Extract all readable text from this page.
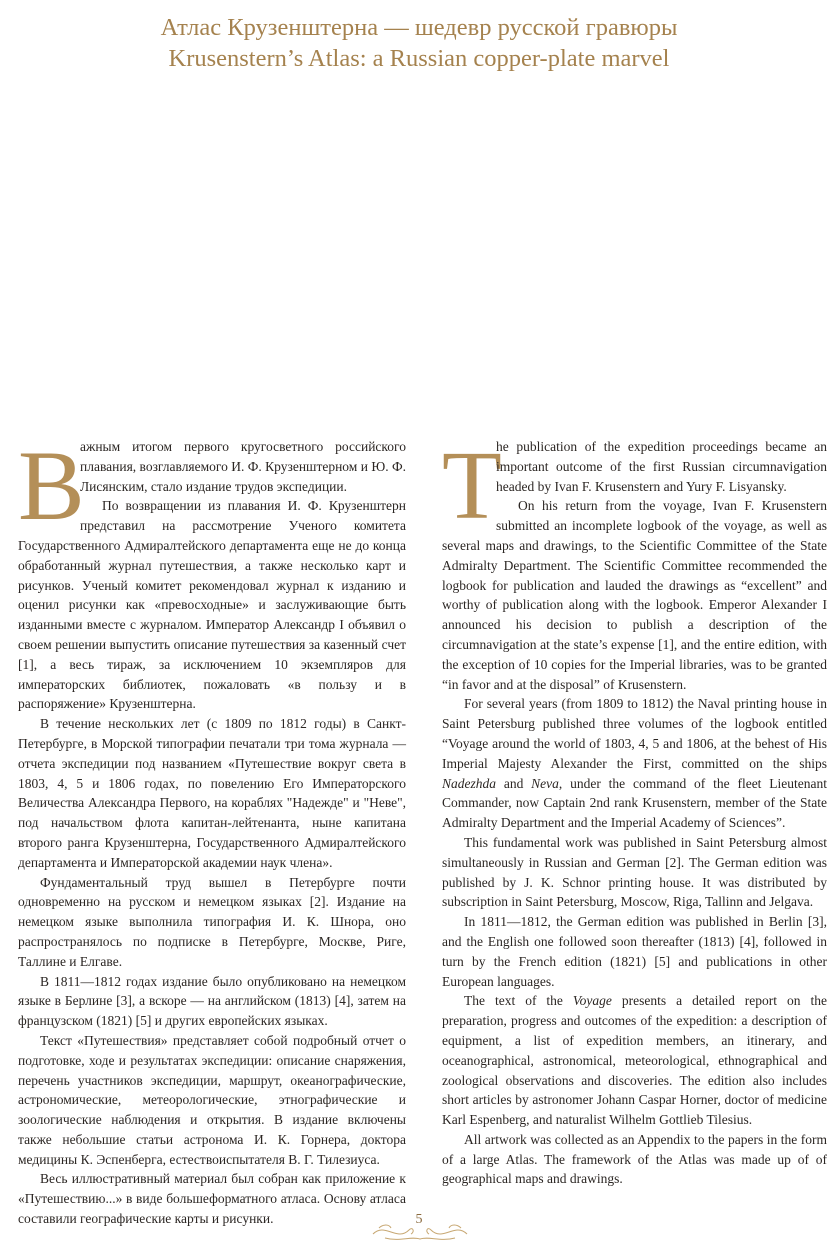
Атлас Крузенштерна — шедевр русской гравюры
Krusenstern’s Atlas: a Russian copper-plate marvel
В

ажным итогом первого кругосветного российского плавания, возглавляемого И. Ф. Крузенштерном и Ю. Ф. Лисянским, стало издание трудов экспедиции.

По возвращении из плавания И. Ф. Крузенштерн представил на рассмотрение Ученого комитета Государственного Адмиралтейского департамента еще не до конца обработанный журнал путешествия, а также несколько карт и рисунков. Ученый комитет рекомендовал журнал к изданию и оценил рисунки как «превосходные» и заслуживающие быть изданными вместе с журналом. Император Александр I объявил о своем решении выпустить описание путешествия за казенный счет [1], а весь тираж, за исключением 10 экземпляров для императорских библиотек, пожаловать «в пользу и в распоряжение» Крузенштерна.

В течение нескольких лет (с 1809 по 1812 годы) в Санкт-Петербурге, в Морской типографии печатали три тома журнала — отчета экспедиции под названием «Путешествие вокруг света в 1803, 4, 5 и 1806 годах, по повелению Его Императорского Величества Александра Первого, на кораблях "Надежде" и "Неве", под начальством флота капитан-лейтенанта, ныне капитана второго ранга Крузенштерна, Государственного Адмиралтейского департамента и Императорской академии наук члена».

Фундаментальный труд вышел в Петербурге почти одновременно на русском и немецком языках [2]. Издание на немецком языке выполнила типография И. К. Шнора, оно распространялось по подписке в Петербурге, Москве, Риге, Таллине и Елгаве.

В 1811—1812 годах издание было опубликовано на немецком языке в Берлине [3], а вскоре — на английском (1813) [4], затем на французском (1821) [5] и других европейских языках.

Текст «Путешествия» представляет собой подробный отчет о подготовке, ходе и результатах экспедиции: описание снаряжения, перечень участников экспедиции, маршрут, океанографические, астрономические, метеорологические, этнографические и зоологические наблюдения и открытия. В издание включены также небольшие статьи астронома И. К. Горнера, доктора медицины К. Эспенберга, естествоиспытателя В. Г. Тилезиуса.

Весь иллюстративный материал был собран как приложение к «Путешествию...» в виде большеформатного атласа. Основу атласа составили географические карты и рисунки.

T

he publication of the expedition proceedings became an important outcome of the first Russian circumnavigation headed by Ivan F. Krusenstern and Yury F. Lisyansky.

On his return from the voyage, Ivan F. Krusenstern submitted an incomplete logbook of the voyage, as well as several maps and drawings, to the Scientific Committee of the State Admiralty Department. The Scientific Committee recommended the logbook for publication and lauded the drawings as “excellent” and worthy of publication along with the logbook. Emperor Alexander I announced his decision to publish a description of the circumnavigation at the state’s expense [1], and the entire edition, with the exception of 10 copies for the Imperial libraries, was to be granted “in favor and at the disposal” of Krusenstern.

For several years (from 1809 to 1812) the Naval printing house in Saint Petersburg published three volumes of the logbook entitled “Voyage around the world of 1803, 4, 5 and 1806, at the behest of His Imperial Majesty Alexander the First, committed on the ships Nadezhda and Neva, under the command of the fleet Lieutenant Commander, now Captain 2nd rank Krusenstern, member of the State Admiralty Department and the Imperial Academy of Sciences”.

This fundamental work was published in Saint Petersburg almost simultaneously in Russian and German [2]. The German edition was published by J. K. Schnor printing house. It was distributed by subscription in Saint Petersburg, Moscow, Riga, Tallinn and Jelgava.

In 1811—1812, the German edition was published in Berlin [3], and the English one followed soon thereafter (1813) [4], followed in turn by the French edition (1821) [5] and publications in other European languages.

The text of the Voyage presents a detailed report on the preparation, progress and outcomes of the expedition: a description of equipment, a list of expedition members, an itinerary, and oceanographical, astronomical, meteorological, ethnographical and zoological observations and discoveries. The edition also includes short articles by astronomer Johann Caspar Horner, doctor of medicine Karl Espenberg, and naturalist Wilhelm Gottlieb Tilesius.

All artwork was collected as an Appendix to the papers in the form of a large Atlas. The framework of the Atlas was made up of of geographical maps and drawings.

5
